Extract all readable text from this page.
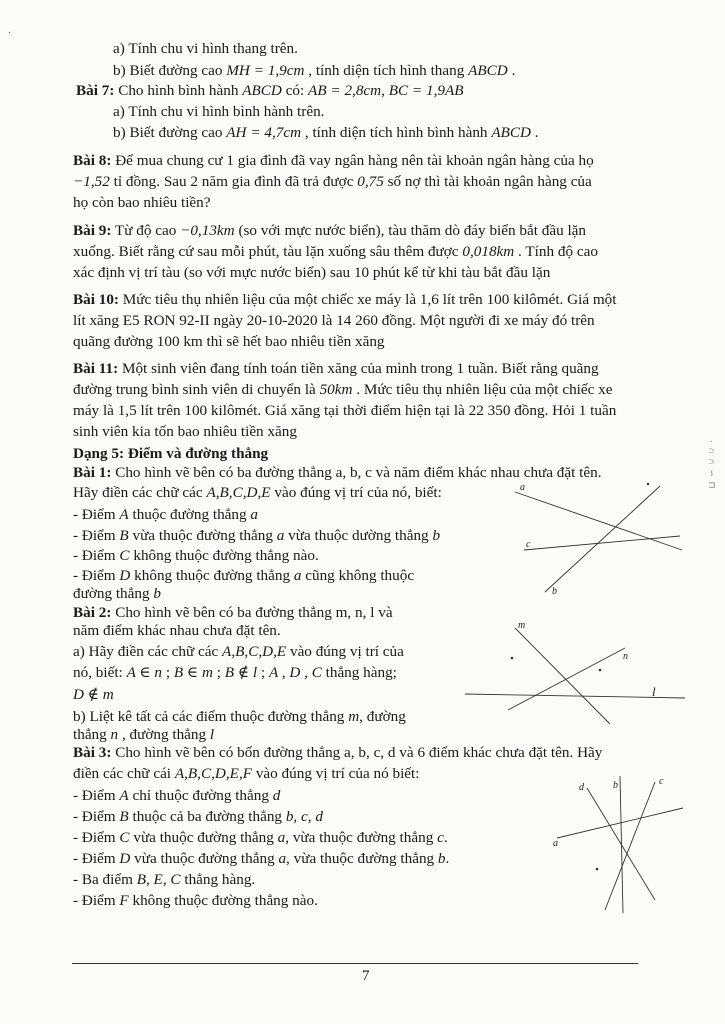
a) Tính chu vi hình thang trên.
b) Biết đường cao MH = 1,9cm , tính diện tích hình thang ABCD .
Bài 7: Cho hình bình hành ABCD có: AB = 2,8cm, BC = 1,9AB
a) Tính chu vi hình bình hành trên.
b) Biết đường cao AH = 4,7cm , tính diện tích hình bình hành ABCD .
Bài 8: Để mua chung cư 1 gia đình đã vay ngân hàng nên tài khoản ngân hàng của họ
−1,52 tỉ đồng. Sau 2 năm gia đình đã trả được 0,75 số nợ thì tài khoản ngân hàng của
họ còn bao nhiêu tiền?
Bài 9: Từ độ cao −0,13km (so với mực nước biển), tàu thăm dò đáy biển bắt đầu lặn
xuống. Biết rằng cứ sau mỗi phút, tàu lặn xuống sâu thêm được 0,018km . Tính độ cao
xác định vị trí tàu (so với mực nước biển) sau 10 phút kể từ khi tàu bắt đầu lặn
Bài 10: Mức tiêu thụ nhiên liệu của một chiếc xe máy là 1,6 lít trên 100 kilômét. Giá một
lít xăng E5 RON 92-II ngày 20-10-2020 là 14 260 đồng. Một người đi xe máy đó trên
quãng đường 100 km thì sẽ hết bao nhiêu tiền xăng
Bài 11: Một sinh viên đang tính toán tiền xăng của mình trong 1 tuần. Biết rằng quãng
đường trung bình sinh viên di chuyển là 50km . Mức tiêu thụ nhiên liệu của một chiếc xe
máy là 1,5 lít trên 100 kilômét. Giá xăng tại thời điểm hiện tại là 22 350 đồng. Hỏi 1 tuần
sinh viên kia tốn bao nhiêu tiền xăng
Dạng 5: Điểm và đường thẳng
Bài 1: Cho hình vẽ bên có ba đường thẳng a, b, c và năm điểm khác nhau chưa đặt tên.
Hãy điền các chữ các A,B,C,D,E vào đúng vị trí của nó, biết:
- Điểm A thuộc đường thẳng a
- Điểm B vừa thuộc đường thẳng a vừa thuộc dường thẳng b
- Điểm C không thuộc đường thẳng nào.
- Điểm D không thuộc đường thẳng a cũng không thuộc
đường thẳng b
a
c
b
Bài 2: Cho hình vẽ bên có ba đường thẳng m, n, l và
năm điểm khác nhau chưa đặt tên.
a) Hãy điền các chữ các A,B,C,D,E vào đúng vị trí của
nó, biết: A ∈ n ; B ∈ m ; B ∉ l ; A , D , C thẳng hàng;
D ∉ m
b) Liệt kê tất cả các điểm thuộc đường thẳng m, đường
thẳng n , đường thẳng l
m
n
l
Bài 3: Cho hình vẽ bên có bốn đường thẳng a, b, c, d và 6 điểm khác chưa đặt tên. Hãy
điền các chữ cái A,B,C,D,E,F vào đúng vị trí của nó biết:
- Điểm A chỉ thuộc đường thẳng d
- Điểm B thuộc cả ba đường thẳng b, c, d
- Điểm C vừa thuộc đường thẳng a, vừa thuộc đường thẳng c.
- Điểm D vừa thuộc đường thẳng a, vừa thuộc đường thẳng b.
- Ba điểm B, E, C thẳng hàng.
- Điểm F không thuộc đường thẳng nào.
d	b	c
a
7
· ∩ ∩ ∽ ⊓
·
